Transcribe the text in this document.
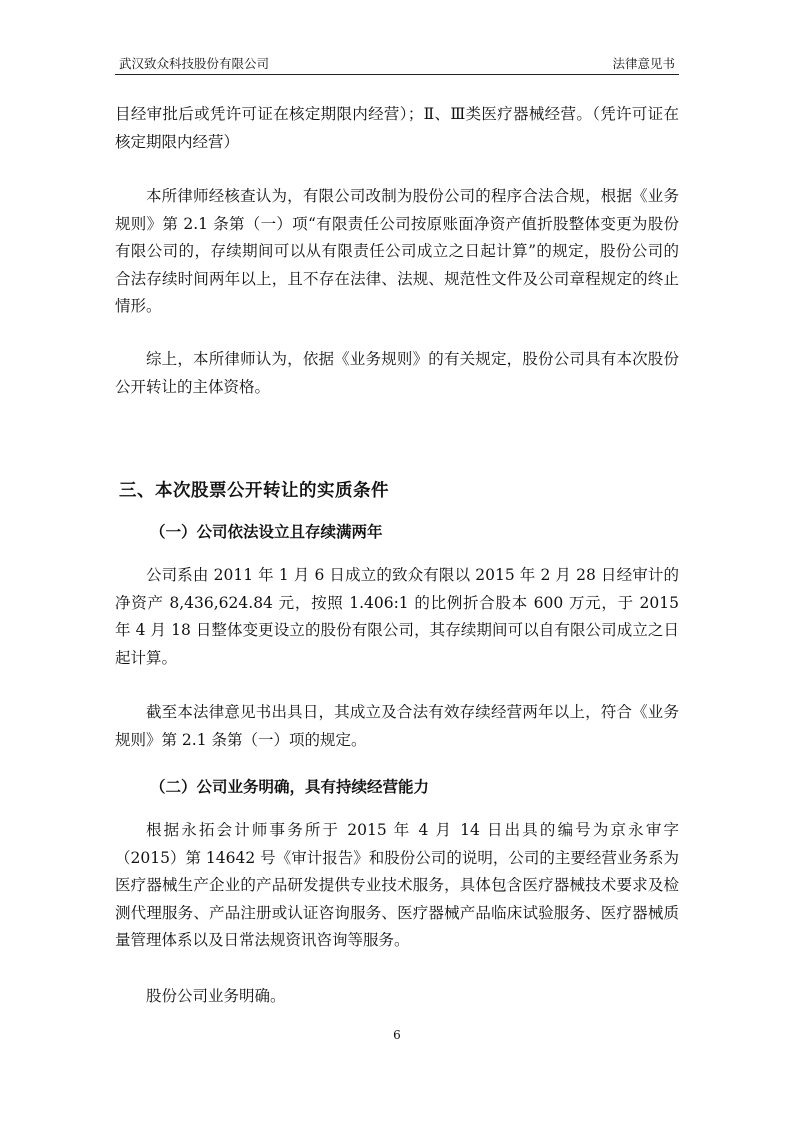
武汉致众科技股份有限公司	法律意见书
目经审批后或凭许可证在核定期限内经营）；Ⅱ、Ⅲ类医疗器械经营。（凭许可证在核定期限内经营）
本所律师经核查认为，有限公司改制为股份公司的程序合法合规，根据《业务规则》第 2.1 条第（一）项“有限责任公司按原账面净资产值折股整体变更为股份有限公司的，存续期间可以从有限责任公司成立之日起计算”的规定，股份公司的合法存续时间两年以上，且不存在法律、法规、规范性文件及公司章程规定的终止情形。
综上，本所律师认为，依据《业务规则》的有关规定，股份公司具有本次股份公开转让的主体资格。
三、本次股票公开转让的实质条件
（一）公司依法设立且存续满两年
公司系由 2011 年 1 月 6 日成立的致众有限以 2015 年 2 月 28 日经审计的净资产 8,436,624.84 元，按照 1.406:1 的比例折合股本 600 万元，于 2015 年 4 月 18 日整体变更设立的股份有限公司，其存续期间可以自有限公司成立之日起计算。
截至本法律意见书出具日，其成立及合法有效存续经营两年以上，符合《业务规则》第 2.1 条第（一）项的规定。
（二）公司业务明确，具有持续经营能力
根据永拓会计师事务所于 2015 年 4 月 14 日出具的编号为京永审字（2015）第 14642 号《审计报告》和股份公司的说明，公司的主要经营业务系为医疗器械生产企业的产品研发提供专业技术服务，具体包含医疗器械技术要求及检测代理服务、产品注册或认证咨询服务、医疗器械产品临床试验服务、医疗器械质量管理体系以及日常法规资讯咨询等服务。
股份公司业务明确。
6
